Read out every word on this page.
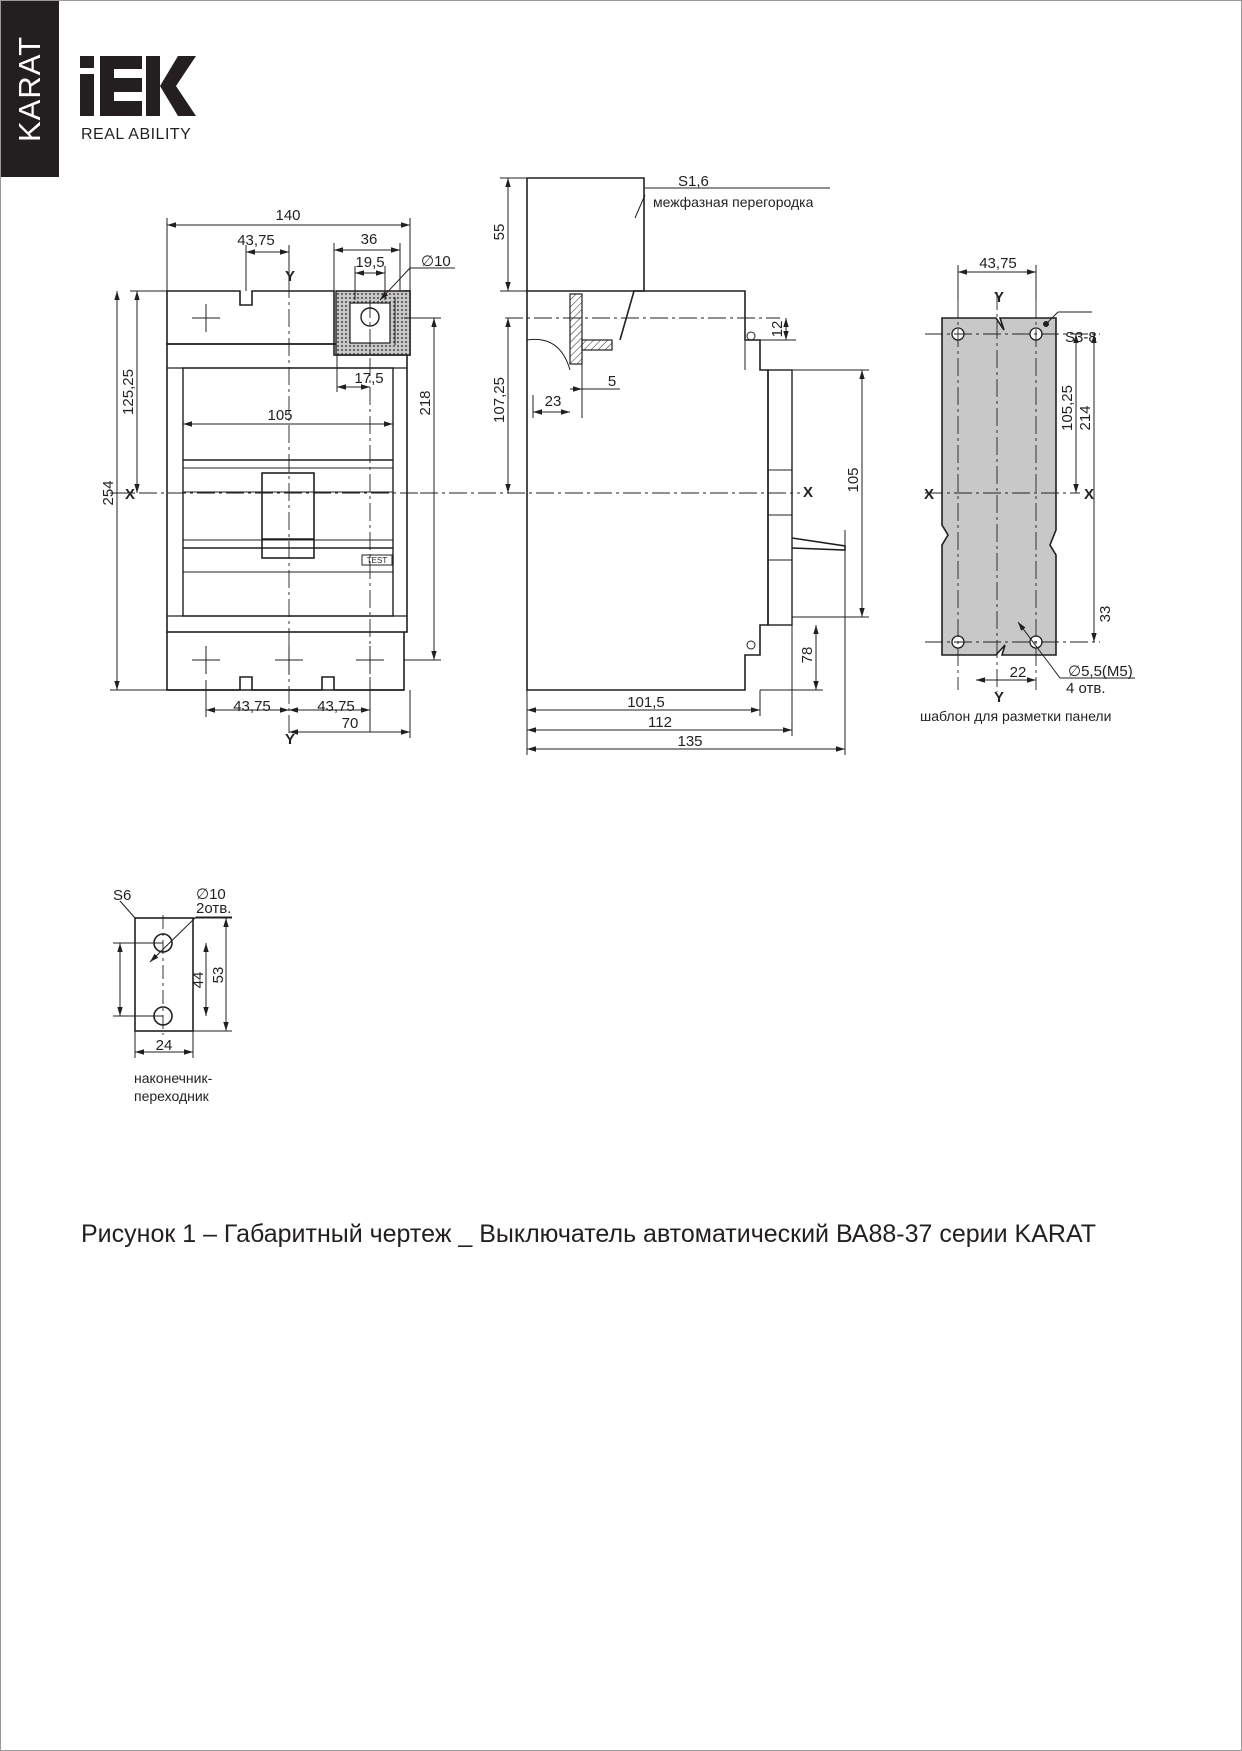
KARAT REAL ABILITY
TEST
140
43,75	36
19,5 ∅10
Y
17,5
105
125,25
254 X
218
43,75	43,75
70
Y
S1,6
межфазная перегородка
55
107,25 23
5
12
105
X
78
101,5
112
135
43,75
Y
S3-8
105,25 214
X	X
33
22	∅5,5(M5)
4 отв.
Y
шаблон для разметки панели
S6	∅10
2отв.
44 53
24
наконечник-
переходник
Рисунок 1 – Габаритный чертеж _ Выключатель автоматический ВА88-37 серии KARAT
